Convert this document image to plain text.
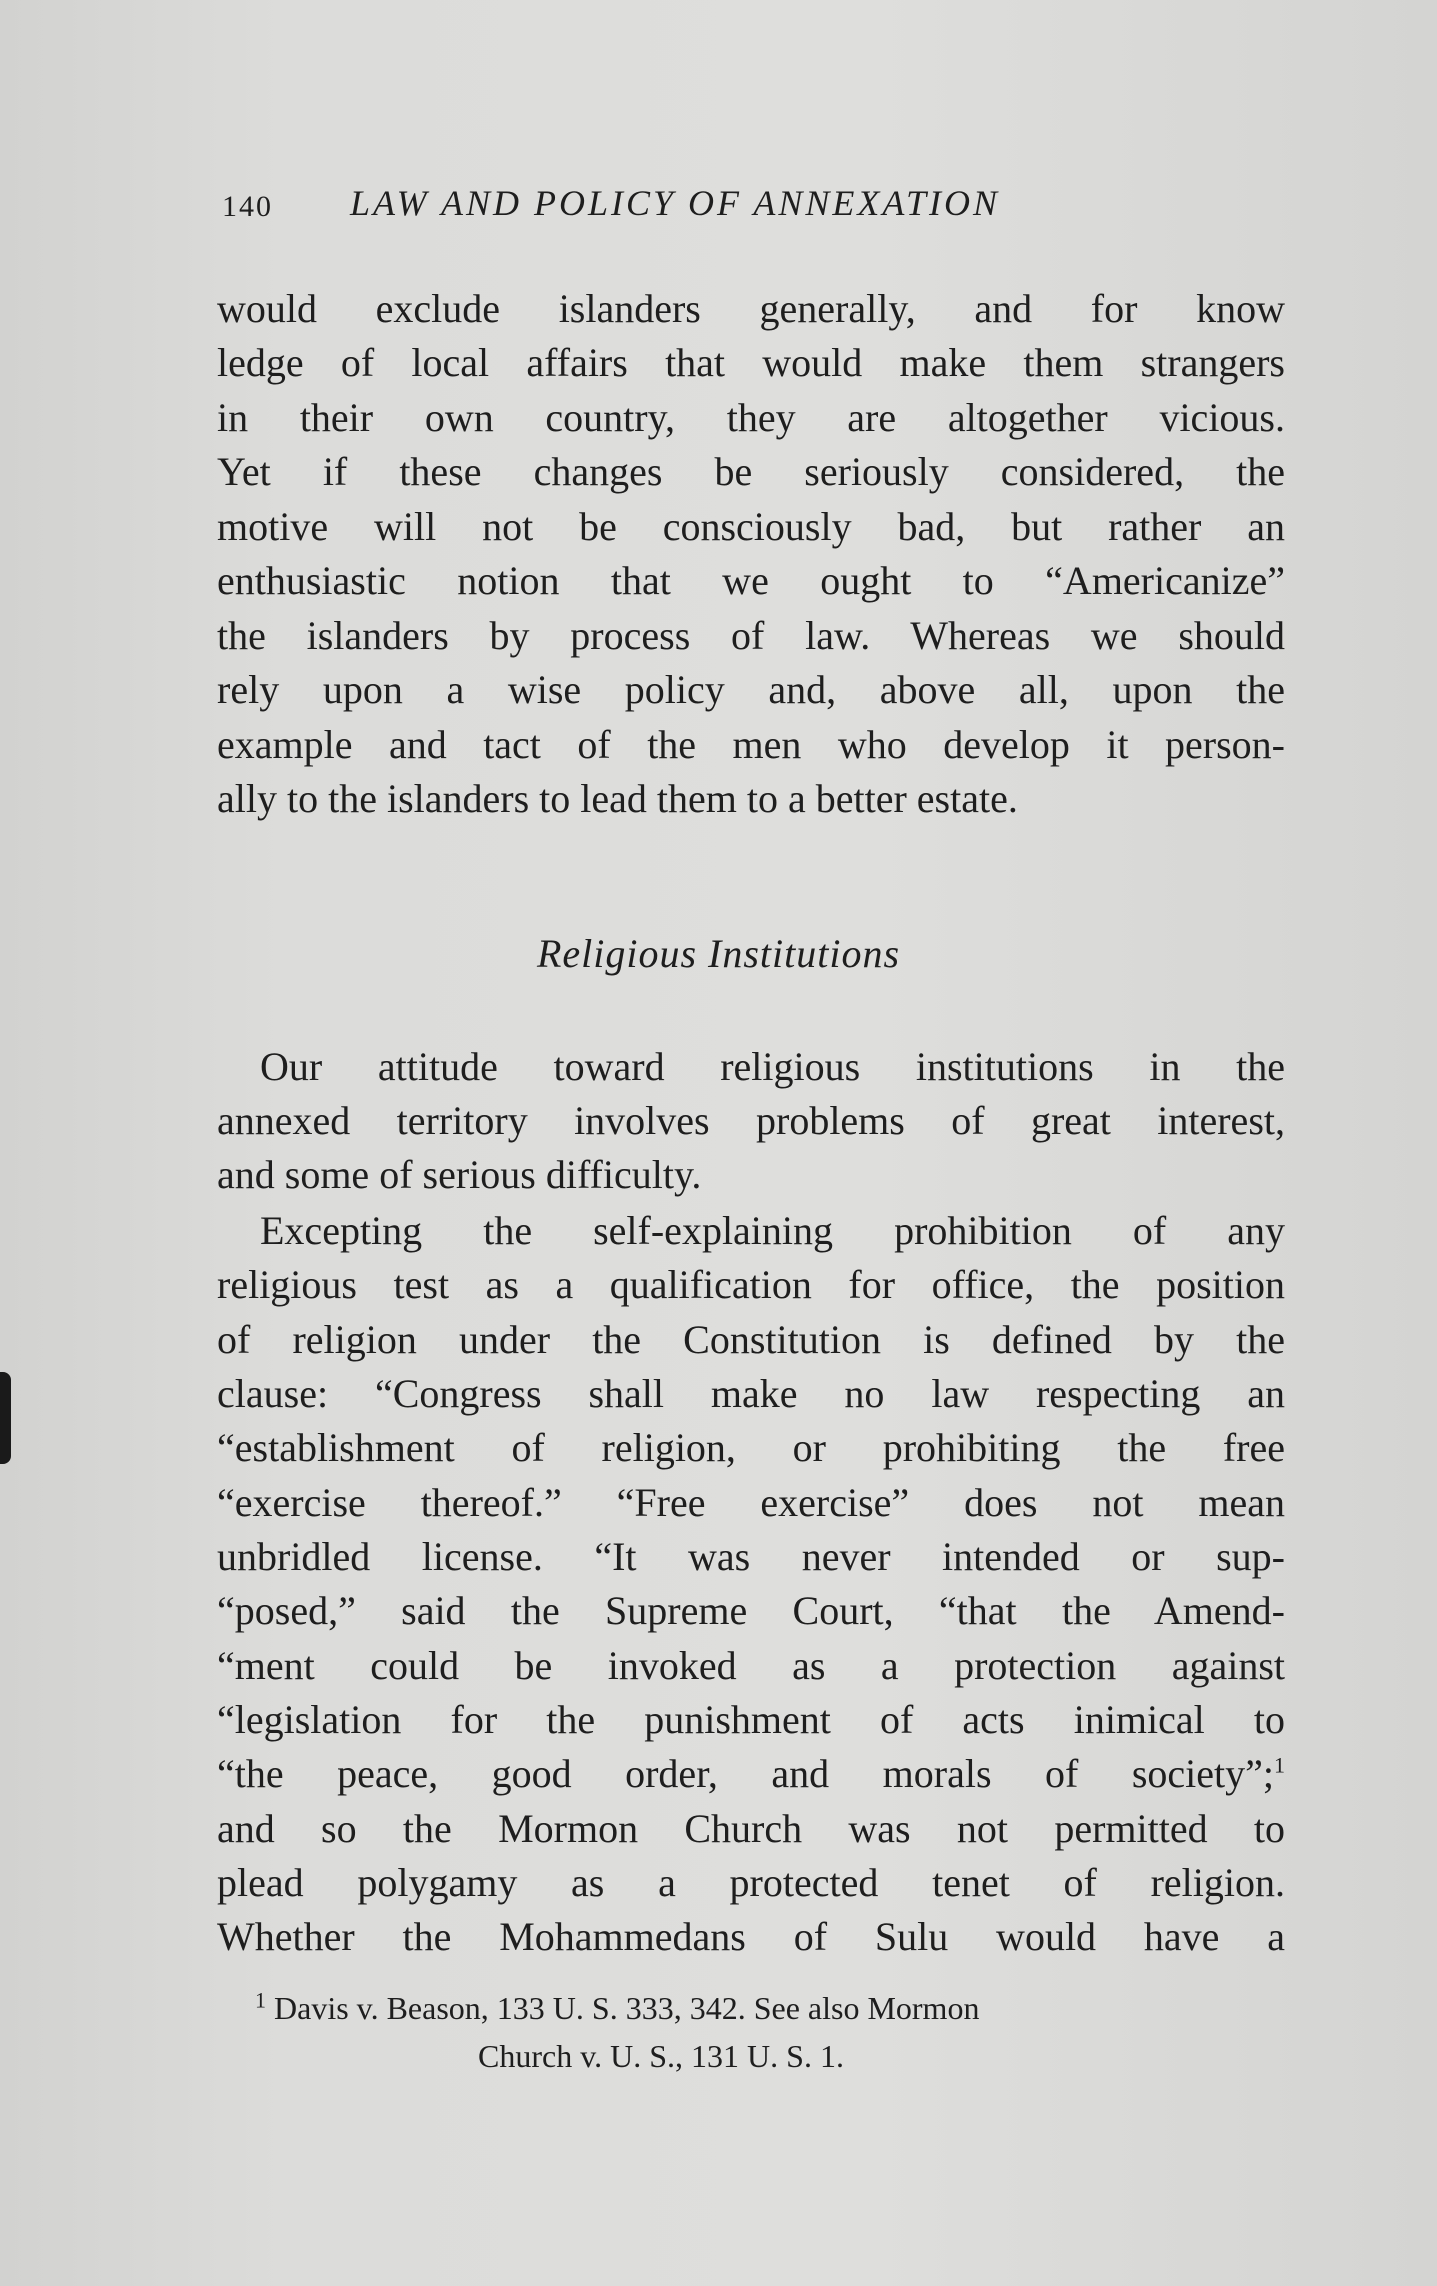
140 LAW AND POLICY OF ANNEXATION
would exclude islanders generally, and for know
ledge of local affairs that would make them strangers
in their own country, they are altogether vicious.
Yet if these changes be seriously considered, the
motive will not be consciously bad, but rather an
enthusiastic notion that we ought to “Americanize”
the islanders by process of law. Whereas we should
rely upon a wise policy and, above all, upon the
example and tact of the men who develop it person-
ally to the islanders to lead them to a better estate.
Religious Institutions
Our attitude toward religious institutions in the
annexed territory involves problems of great interest,
and some of serious difficulty.
Excepting the self-explaining prohibition of any
religious test as a qualification for office, the position
of religion under the Constitution is defined by the
clause: “Congress shall make no law respecting an
“establishment of religion, or prohibiting the free
“exercise thereof.” “Free exercise” does not mean
unbridled license. “It was never intended or sup-
“posed,” said the Supreme Court, “that the Amend-
“ment could be invoked as a protection against
“legislation for the punishment of acts inimical to
“the peace, good order, and morals of society”;$^1$
and so the Mormon Church was not permitted to
plead polygamy as a protected tenet of religion.
Whether the Mohammedans of Sulu would have a
$^1$ Davis v. Beason, 133 U. S. 333, 342. See also Mormon
Church v. U. S., 131 U. S. 1.
